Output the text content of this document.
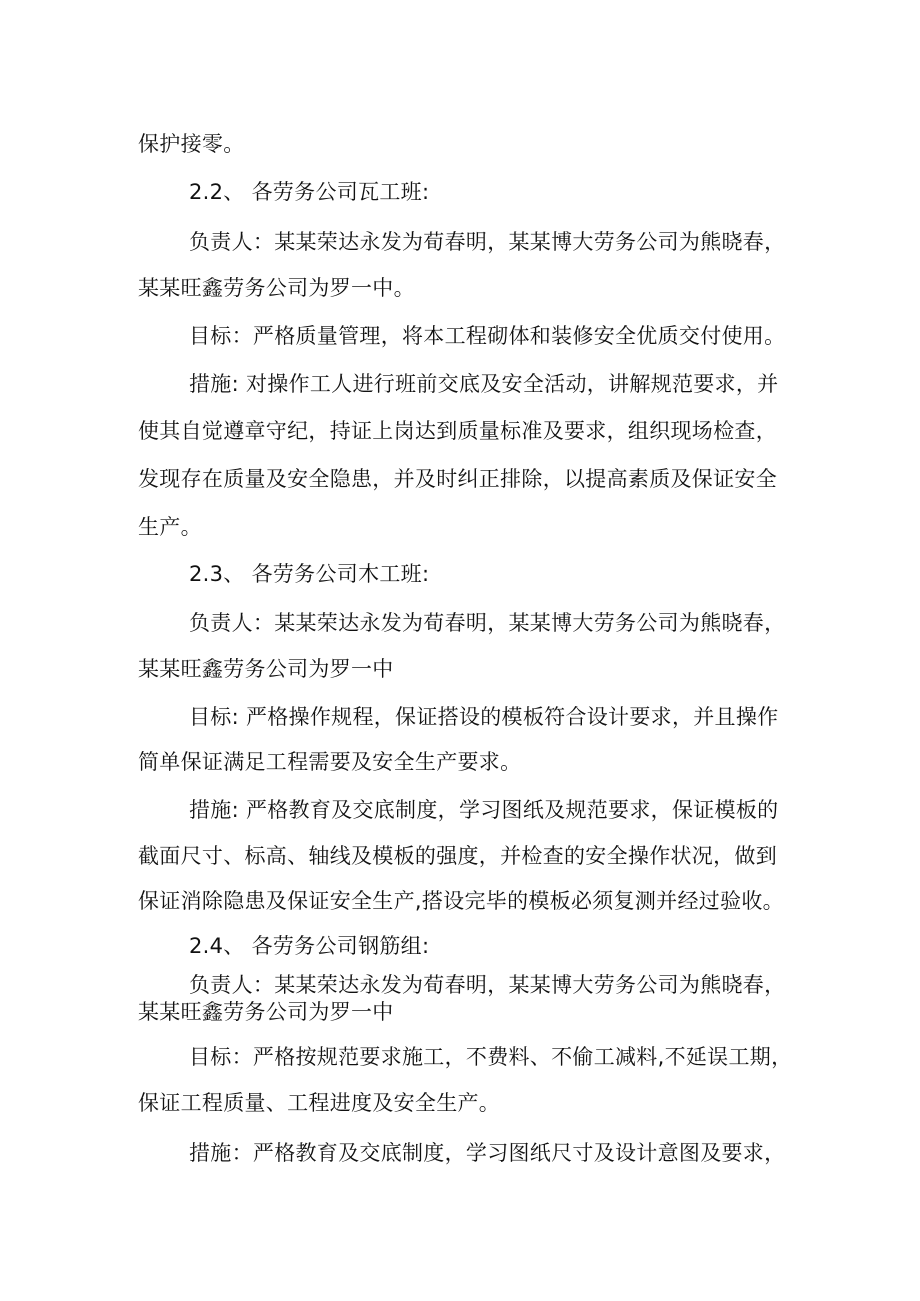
保护接零。
2.2、 各劳务公司瓦工班:
负责人：某某荣达永发为荀春明，某某博大劳务公司为熊晓春，
某某旺鑫劳务公司为罗一中。
目标：严格质量管理，将本工程砌体和装修安全优质交付使用。
措施: 对操作工人进行班前交底及安全活动，讲解规范要求，并
使其自觉遵章守纪，持证上岗达到质量标准及要求，组织现场检查，
发现存在质量及安全隐患，并及时纠正排除，以提高素质及保证安全
生产。
2.3、 各劳务公司木工班:
负责人：某某荣达永发为荀春明，某某博大劳务公司为熊晓春，
某某旺鑫劳务公司为罗一中
目标: 严格操作规程，保证搭设的模板符合设计要求，并且操作
简单保证满足工程需要及安全生产要求。
措施: 严格教育及交底制度，学习图纸及规范要求，保证模板的
截面尺寸、标高、轴线及模板的强度，并检查的安全操作状况，做到
保证消除隐患及保证安全生产,搭设完毕的模板必须复测并经过验收。
2.4、 各劳务公司钢筋组:
负责人：某某荣达永发为荀春明，某某博大劳务公司为熊晓春，
某某旺鑫劳务公司为罗一中
目标：严格按规范要求施工，不费料、不偷工减料,不延误工期，
保证工程质量、工程进度及安全生产。
措施：严格教育及交底制度，学习图纸尺寸及设计意图及要求，
